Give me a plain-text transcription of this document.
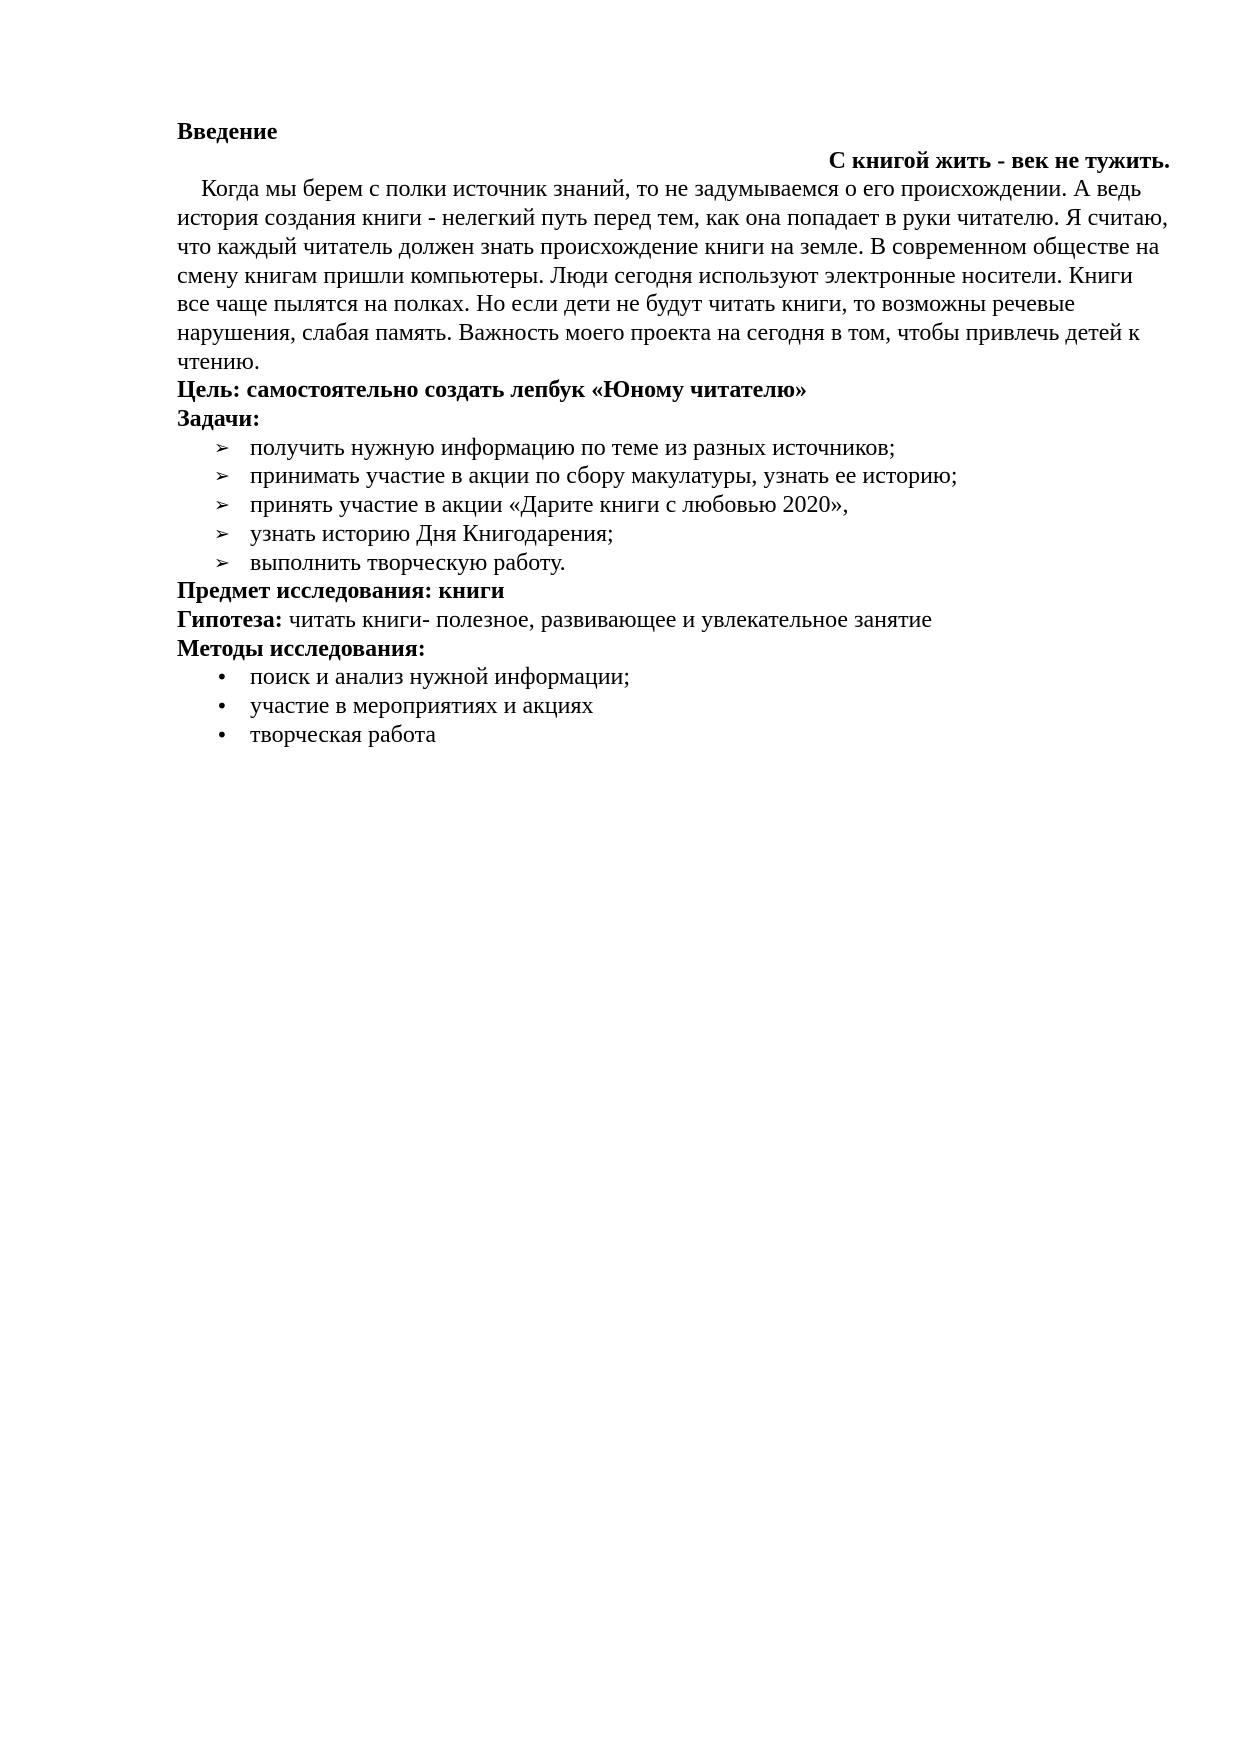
Введение

С книгой жить - век не тужить.

Когда мы берем с полки источник знаний, то не задумываемся о его происхождении. А ведь история создания книги - нелегкий путь перед тем, как она попадает в руки читателю. Я считаю, что каждый читатель должен знать происхождение книги на земле. В современном обществе на смену книгам пришли компьютеры. Люди сегодня используют электронные носители. Книги все чаще пылятся на полках. Но если дети не будут читать книги, то возможны речевые нарушения, слабая память. Важность моего проекта на сегодня в том, чтобы привлечь детей к чтению.

Цель: самостоятельно создать лепбук «Юному читателю»

Задачи:

➢ получить нужную информацию по теме из разных источников;
➢ принимать участие в акции по сбору макулатуры, узнать ее историю;
➢ принять участие в акции «Дарите книги с любовью 2020»,
➢ узнать историю Дня Книгодарения;
➢ выполнить творческую работу.

Предмет исследования: книги

Гипотеза: читать книги- полезное, развивающее и увлекательное занятие

Методы исследования:

• поиск и анализ нужной информации;
• участие в мероприятиях и акциях
• творческая работа
